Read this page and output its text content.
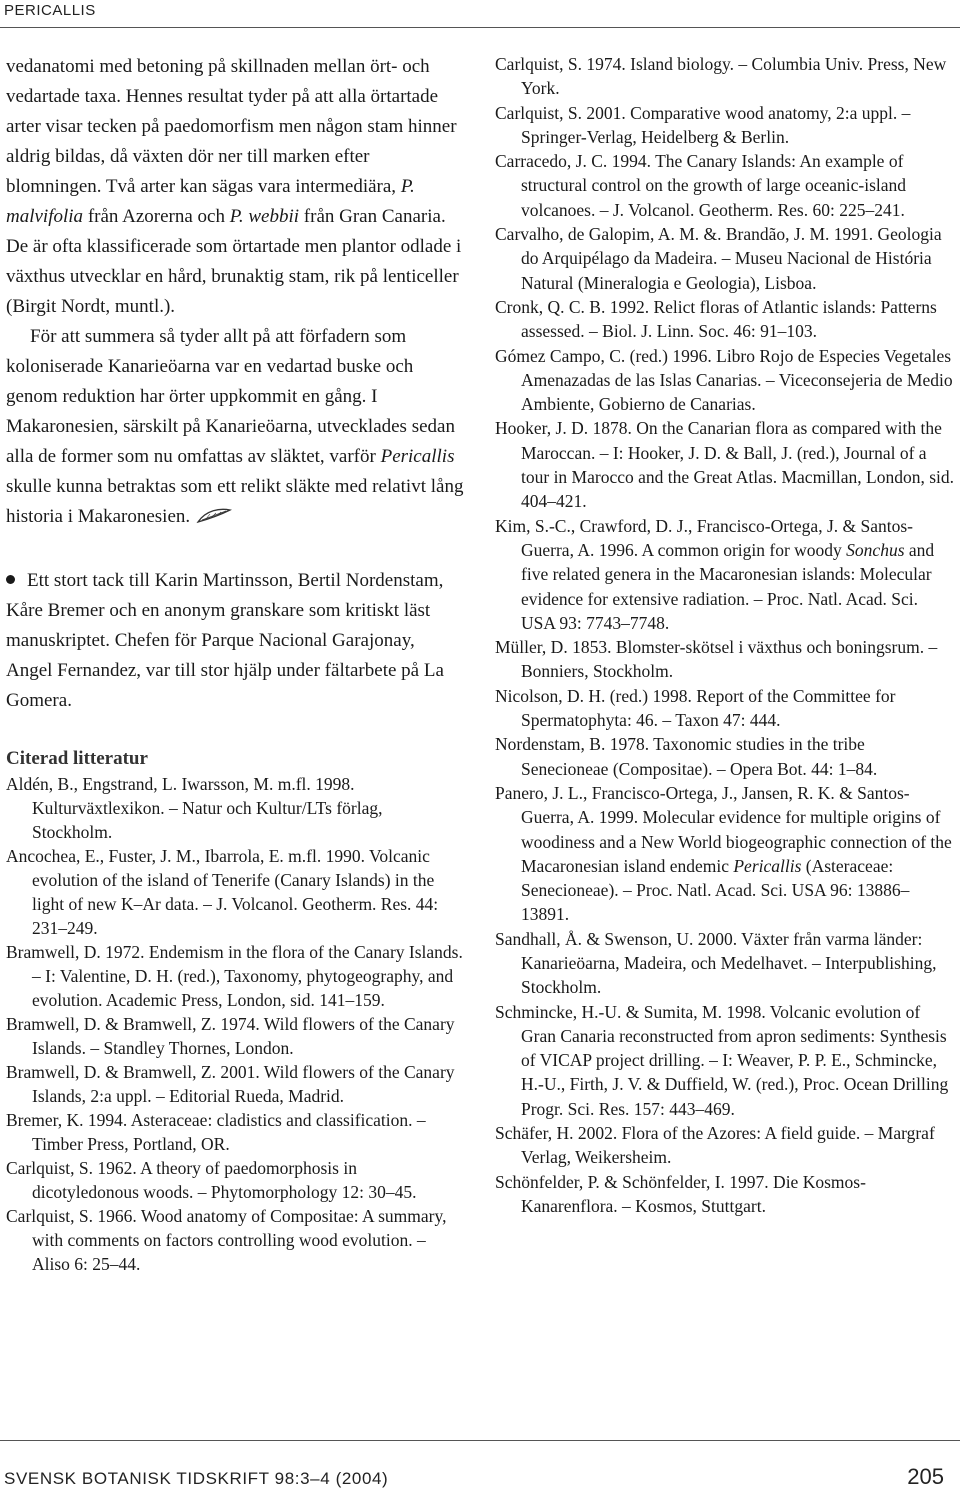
PERICALLIS

vedanatomi med betoning på skillnaden mellan ört- och vedartade taxa. Hennes resultat tyder på att alla örtartade arter visar tecken på paedomorfism men någon stam hinner aldrig bildas, då växten dör ner till marken efter blomningen. Två arter kan sägas vara intermediära, P. malvifolia från Azorerna och P. webbii från Gran Canaria. De är ofta klassificerade som örtartade men plantor odlade i växthus utvecklar en hård, brunaktig stam, rik på lenticeller (Birgit Nordt, muntl.).

För att summera så tyder allt på att förfadern som koloniserade Kanarieöarna var en vedartad buske och genom reduktion har örter uppkommit en gång. I Makaronesien, särskilt på Kanarieöarna, utvecklades sedan alla de former som nu omfattas av släktet, varför Pericallis skulle kunna betraktas som ett relikt släkte med relativt lång historia i Makaronesien.

Ett stort tack till Karin Martinsson, Bertil Nordenstam, Kåre Bremer och en anonym granskare som kritiskt läst manuskriptet. Chefen för Parque Nacional Garajonay, Angel Fernandez, var till stor hjälp under fältarbete på La Gomera.

Citerad litteratur

Aldén, B., Engstrand, L. Iwarsson, M. m.fl. 1998. Kulturväxtlexikon. – Natur och Kultur/LTs förlag, Stockholm.

Ancochea, E., Fuster, J. M., Ibarrola, E. m.fl. 1990. Volcanic evolution of the island of Tenerife (Canary Islands) in the light of new K–Ar data. – J. Volcanol. Geotherm. Res. 44: 231–249.

Bramwell, D. 1972. Endemism in the flora of the Canary Islands. – I: Valentine, D. H. (red.), Taxonomy, phytogeography, and evolution. Academic Press, London, sid. 141–159.

Bramwell, D. & Bramwell, Z. 1974. Wild flowers of the Canary Islands. – Standley Thornes, London.

Bramwell, D. & Bramwell, Z. 2001. Wild flowers of the Canary Islands, 2:a uppl. – Editorial Rueda, Madrid.

Bremer, K. 1994. Asteraceae: cladistics and classification. – Timber Press, Portland, OR.

Carlquist, S. 1962. A theory of paedomorphosis in dicotyledonous woods. – Phytomorphology 12: 30–45.

Carlquist, S. 1966. Wood anatomy of Compositae: A summary, with comments on factors controlling wood evolution. – Aliso 6: 25–44.

Carlquist, S. 1974. Island biology. – Columbia Univ. Press, New York.

Carlquist, S. 2001. Comparative wood anatomy, 2:a uppl. – Springer-Verlag, Heidelberg & Berlin.

Carracedo, J. C. 1994. The Canary Islands: An example of structural control on the growth of large oceanic-island volcanoes. – J. Volcanol. Geotherm. Res. 60: 225–241.

Carvalho, de Galopim, A. M. &. Brandão, J. M. 1991. Geologia do Arquipélago da Madeira. – Museu Nacional de História Natural (Mineralogia e Geologia), Lisboa.

Cronk, Q. C. B. 1992. Relict floras of Atlantic islands: Patterns assessed. – Biol. J. Linn. Soc. 46: 91–103.

Gómez Campo, C. (red.) 1996. Libro Rojo de Especies Vegetales Amenazadas de las Islas Canarias. – Viceconsejeria de Medio Ambiente, Gobierno de Canarias.

Hooker, J. D. 1878. On the Canarian flora as compared with the Maroccan. – I: Hooker, J. D. & Ball, J. (red.), Journal of a tour in Marocco and the Great Atlas. Macmillan, London, sid. 404–421.

Kim, S.-C., Crawford, D. J., Francisco-Ortega, J. & Santos-Guerra, A. 1996. A common origin for woody Sonchus and five related genera in the Macaronesian islands: Molecular evidence for extensive radiation. – Proc. Natl. Acad. Sci. USA 93: 7743–7748.

Müller, D. 1853. Blomster-skötsel i växthus och boningsrum. – Bonniers, Stockholm.

Nicolson, D. H. (red.) 1998. Report of the Committee for Spermatophyta: 46. – Taxon 47: 444.

Nordenstam, B. 1978. Taxonomic studies in the tribe Senecioneae (Compositae). – Opera Bot. 44: 1–84.

Panero, J. L., Francisco-Ortega, J., Jansen, R. K. & Santos-Guerra, A. 1999. Molecular evidence for multiple origins of woodiness and a New World biogeographic connection of the Macaronesian island endemic Pericallis (Asteraceae: Senecioneae). – Proc. Natl. Acad. Sci. USA 96: 13886–13891.

Sandhall, Å. & Swenson, U. 2000. Växter från varma länder: Kanarieöarna, Madeira, och Medelhavet. – Interpublishing, Stockholm.

Schmincke, H.-U. & Sumita, M. 1998. Volcanic evolution of Gran Canaria reconstructed from apron sediments: Synthesis of VICAP project drilling. – I: Weaver, P. P. E., Schmincke, H.-U., Firth, J. V. & Duffield, W. (red.), Proc. Ocean Drilling Progr. Sci. Res. 157: 443–469.

Schäfer, H. 2002. Flora of the Azores: A field guide. – Margraf Verlag, Weikersheim.

Schönfelder, P. & Schönfelder, I. 1997. Die Kosmos-Kanarenflora. – Kosmos, Stuttgart.

SVENSK BOTANISK TIDSKRIFT 98:3–4 (2004)	205
